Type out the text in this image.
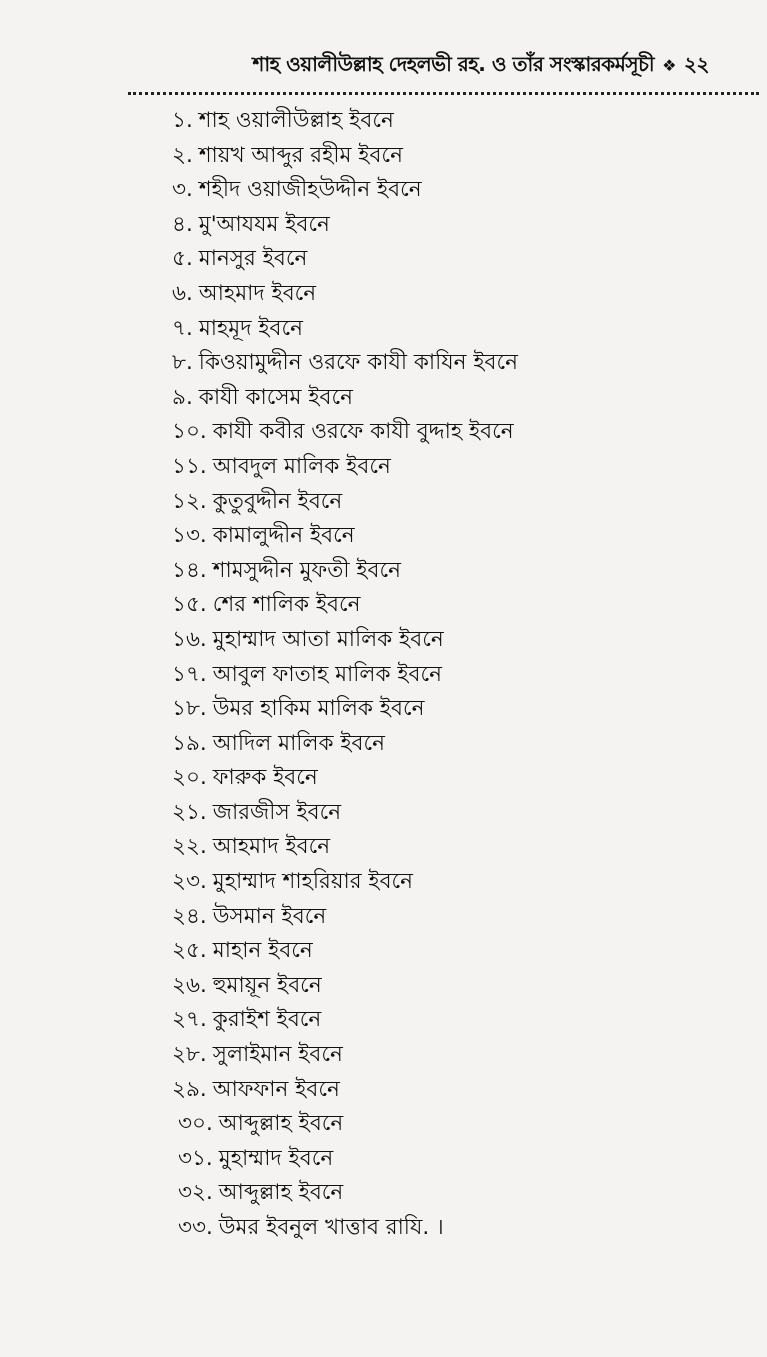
শাহ ওয়ালীউল্লাহ দেহলভী রহ. ও তাঁর সংস্কারকর্মসূচী ❖ ২২
১. শাহ ওয়ালীউল্লাহ ইবনে
২. শায়খ আব্দুর রহীম ইবনে
৩. শহীদ ওয়াজীহউদ্দীন ইবনে
৪. মু'আযযম ইবনে
৫. মানসুর ইবনে
৬. আহমাদ ইবনে
৭. মাহমূদ ইবনে
৮. কিওয়ামুদ্দীন ওরফে কাযী কাযিন ইবনে
৯. কাযী কাসেম ইবনে
১০. কাযী কবীর ওরফে কাযী বুদ্দাহ ইবনে
১১. আবদুল মালিক ইবনে
১২. কুতুবুদ্দীন ইবনে
১৩. কামালুদ্দীন ইবনে
১৪. শামসুদ্দীন মুফতী ইবনে
১৫. শের শালিক ইবনে
১৬. মুহাম্মাদ আতা মালিক ইবনে
১৭. আবুল ফাতাহ মালিক ইবনে
১৮. উমর হাকিম মালিক ইবনে
১৯. আদিল মালিক ইবনে
২০. ফারুক ইবনে
২১. জারজীস ইবনে
২২. আহমাদ ইবনে
২৩. মুহাম্মাদ শাহরিয়ার ইবনে
২৪. উসমান ইবনে
২৫. মাহান ইবনে
২৬. হুমায়ূন ইবনে
২৭. কুরাইশ ইবনে
২৮. সুলাইমান ইবনে
২৯. আফফান ইবনে
৩০. আব্দুল্লাহ ইবনে
৩১. মুহাম্মাদ ইবনে
৩২. আব্দুল্লাহ ইবনে
৩৩. উমর ইবনুল খাত্তাব রাযি. ।
